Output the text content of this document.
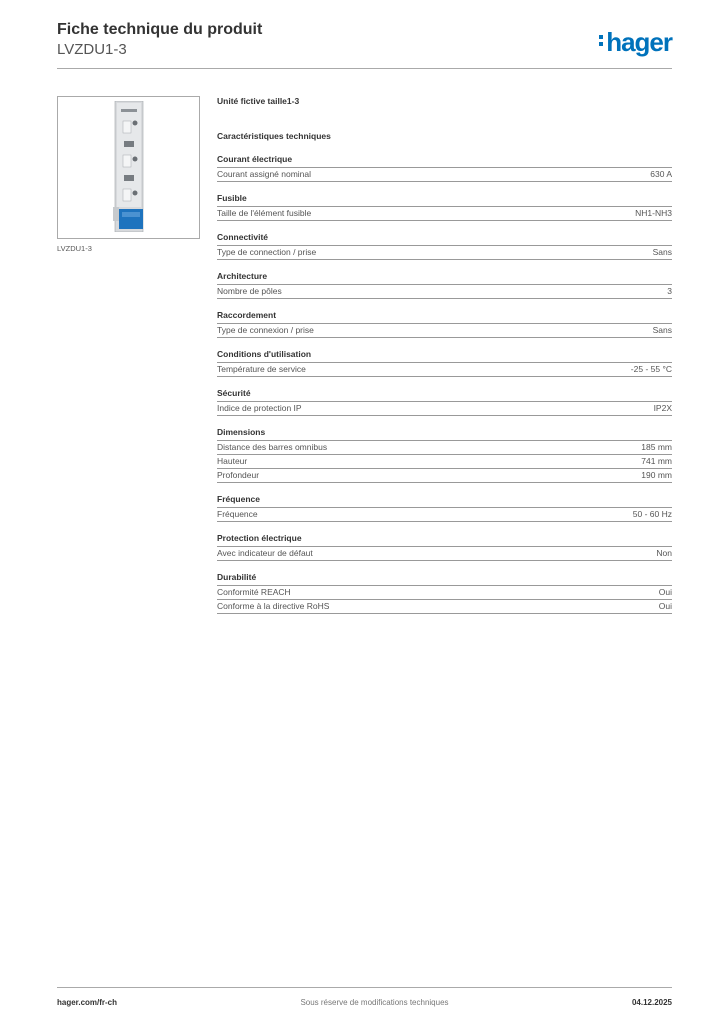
Fiche technique du produit
LVZDU1-3	hager
LVZDU1-3
Unité fictive taille1-3
Caractéristiques techniques
Courant électrique
Courant assigné nominal	630 A
Fusible
Taille de l'élément fusible	NH1-NH3
Connectivité
Type de connection / prise	Sans
Architecture
Nombre de pôles	3
Raccordement
Type de connexion / prise	Sans
Conditions d'utilisation
Température de service	-25 - 55 °C
Sécurité
Indice de protection IP	IP2X
Dimensions
Distance des barres omnibus	185 mm
Hauteur	741 mm
Profondeur	190 mm
Fréquence
Fréquence	50 - 60 Hz
Protection électrique
Avec indicateur de défaut	Non
Durabilité
Conformité REACH	Oui
Conforme à la directive RoHS	Oui
hager.com/fr-ch	Sous réserve de modifications techniques	04.12.2025
